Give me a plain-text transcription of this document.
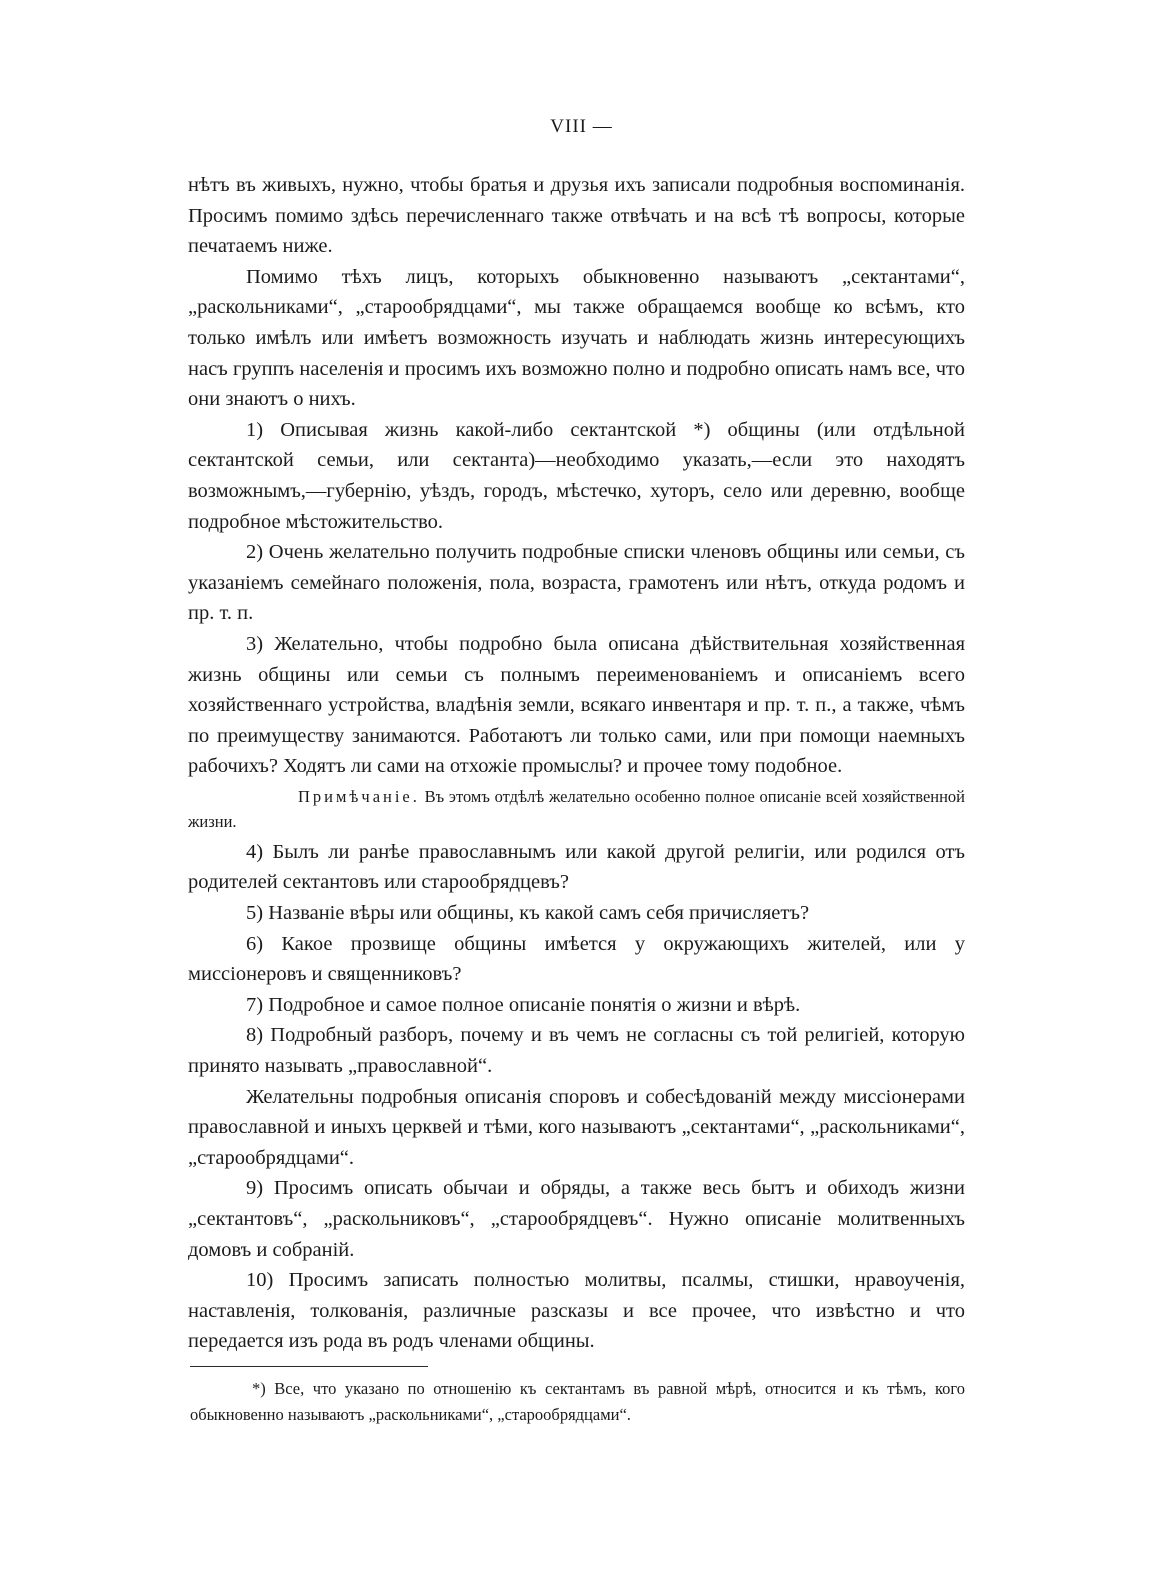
VIII —

нѣтъ въ живыхъ, нужно, чтобы братья и друзья ихъ записали подробныя воспоминанія. Просимъ помимо здѣсь перечисленнаго также отвѣчать и на всѣ тѣ вопросы, которые печатаемъ ниже.

Помимо тѣхъ лицъ, которыхъ обыкновенно называютъ „сектантами“, „раскольниками“, „старообрядцами“, мы также обращаемся вообще ко всѣмъ, кто только имѣлъ или имѣетъ возможность изучать и наблюдать жизнь интересующихъ насъ группъ населенія и просимъ ихъ возможно полно и подробно описать намъ все, что они знаютъ о нихъ.

1) Описывая жизнь какой-либо сектантской *) общины (или отдѣльной сектантской семьи, или сектанта)—необходимо указать,—если это находятъ возможнымъ,—губернію, уѣздъ, городъ, мѣстечко, хуторъ, село или деревню, вообще подробное мѣстожительство.

2) Очень желательно получить подробные списки членовъ общины или семьи, съ указаніемъ семейнаго положенія, пола, возраста, грамотенъ или нѣтъ, откуда родомъ и пр. т. п.

3) Желательно, чтобы подробно была описана дѣйствительная хозяйственная жизнь общины или семьи съ полнымъ переименованіемъ и описаніемъ всего хозяйственнаго устройства, владѣнія земли, всякаго инвентаря и пр. т. п., а также, чѣмъ по преимуществу занимаются. Работаютъ ли только сами, или при помощи наемныхъ рабочихъ? Ходятъ ли сами на отхожіе промыслы? и прочее тому подобное.

Примѣчаніе. Въ этомъ отдѣлѣ желательно особенно полное описаніе всей хозяйственной жизни.

4) Былъ ли ранѣе православнымъ или какой другой религіи, или родился отъ родителей сектантовъ или старообрядцевъ?

5) Названіе вѣры или общины, къ какой самъ себя причисляетъ?

6) Какое прозвище общины имѣется у окружающихъ жителей, или у миссіонеровъ и священниковъ?

7) Подробное и самое полное описаніе понятія о жизни и вѣрѣ.

8) Подробный разборъ, почему и въ чемъ не согласны съ той религіей, которую принято называть „православной“.

Желательны подробныя описанія споровъ и собесѣдованій между миссіонерами православной и иныхъ церквей и тѣми, кого называютъ „сектантами“, „раскольниками“, „старообрядцами“.

9) Просимъ описать обычаи и обряды, а также весь бытъ и обиходъ жизни „сектантовъ“, „раскольниковъ“, „старообрядцевъ“. Нужно описаніе молитвенныхъ домовъ и собраній.

10) Просимъ записать полностью молитвы, псалмы, стишки, нравоученія, наставленія, толкованія, различные разсказы и все прочее, что извѣстно и что передается изъ рода въ родъ членами общины.

*) Все, что указано по отношенію къ сектантамъ въ равной мѣрѣ, относится и къ тѣмъ, кого обыкновенно называютъ „раскольниками“, „старообрядцами“.
